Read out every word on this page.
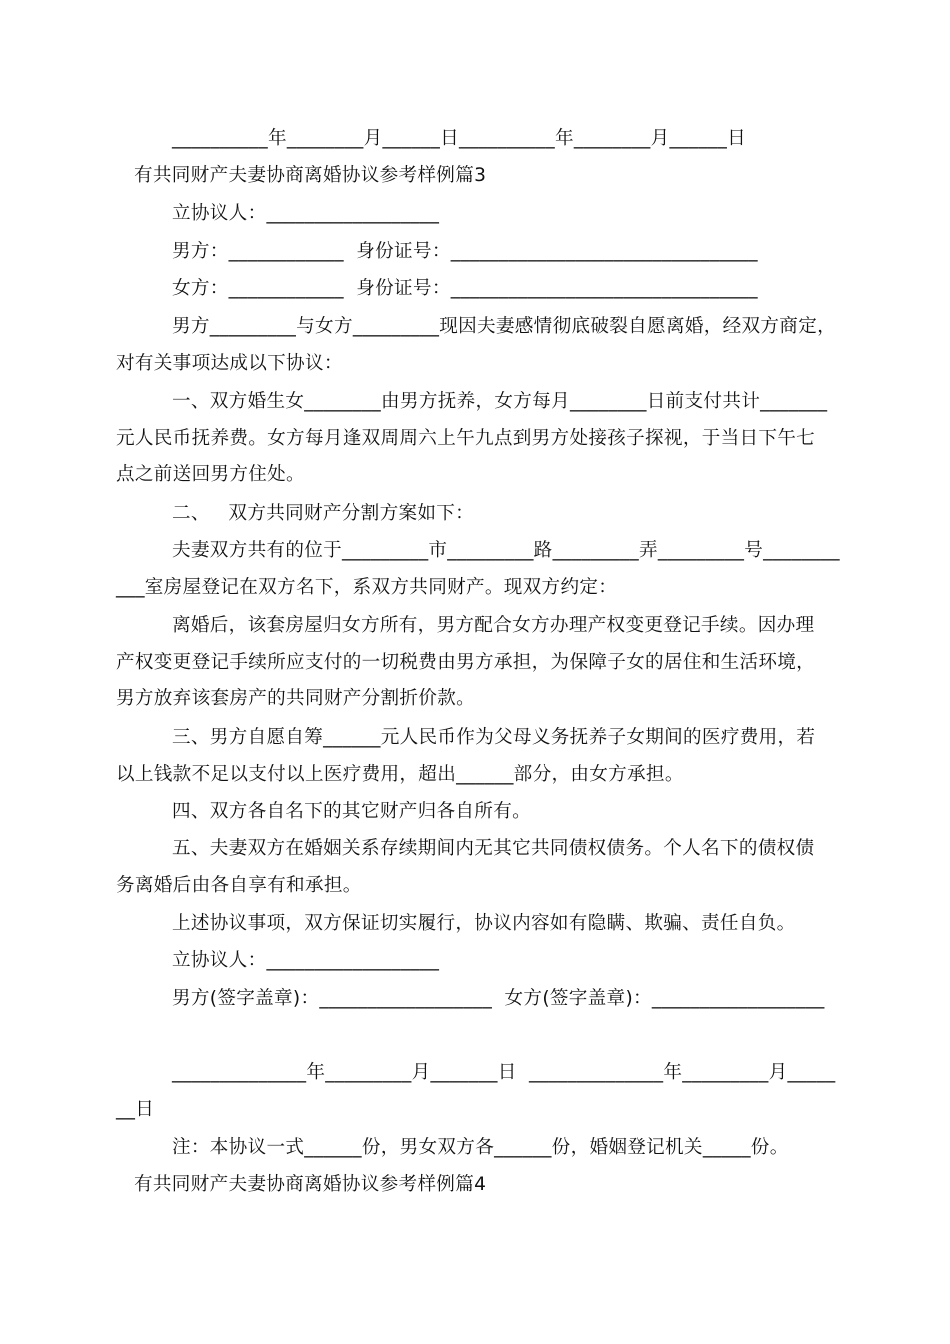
__________年________月______日__________年________月______日
有共同财产夫妻协商离婚协议参考样例篇3
立协议人：__________________
男方：____________  身份证号：________________________________
女方：____________  身份证号：________________________________
男方_________与女方_________现因夫妻感情彻底破裂自愿离婚，经双方商定，
对有关事项达成以下协议：
一、双方婚生女________由男方抚养，女方每月________日前支付共计_______
元人民币抚养费。女方每月逢双周周六上午九点到男方处接孩子探视，于当日下午七
点之前送回男方住处。
二、   双方共同财产分割方案如下：
夫妻双方共有的位于_________市_________路_________弄_________号________
___室房屋登记在双方名下，系双方共同财产。现双方约定：
离婚后，该套房屋归女方所有，男方配合女方办理产权变更登记手续。因办理
产权变更登记手续所应支付的一切税费由男方承担，为保障子女的居住和生活环境，
男方放弃该套房产的共同财产分割折价款。
三、男方自愿自筹______元人民币作为父母义务抚养子女期间的医疗费用，若
以上钱款不足以支付以上医疗费用，超出______部分，由女方承担。
四、双方各自名下的其它财产归各自所有。
五、夫妻双方在婚姻关系存续期间内无其它共同债权债务。个人名下的债权债
务离婚后由各自享有和承担。
上述协议事项，双方保证切实履行，协议内容如有隐瞒、欺骗、责任自负。
立协议人：__________________
男方(签字盖章)：__________________  女方(签字盖章)：__________________
______________年_________月_______日  ______________年_________月_____
__日
注：本协议一式______份，男女双方各______份，婚姻登记机关_____份。
有共同财产夫妻协商离婚协议参考样例篇4
